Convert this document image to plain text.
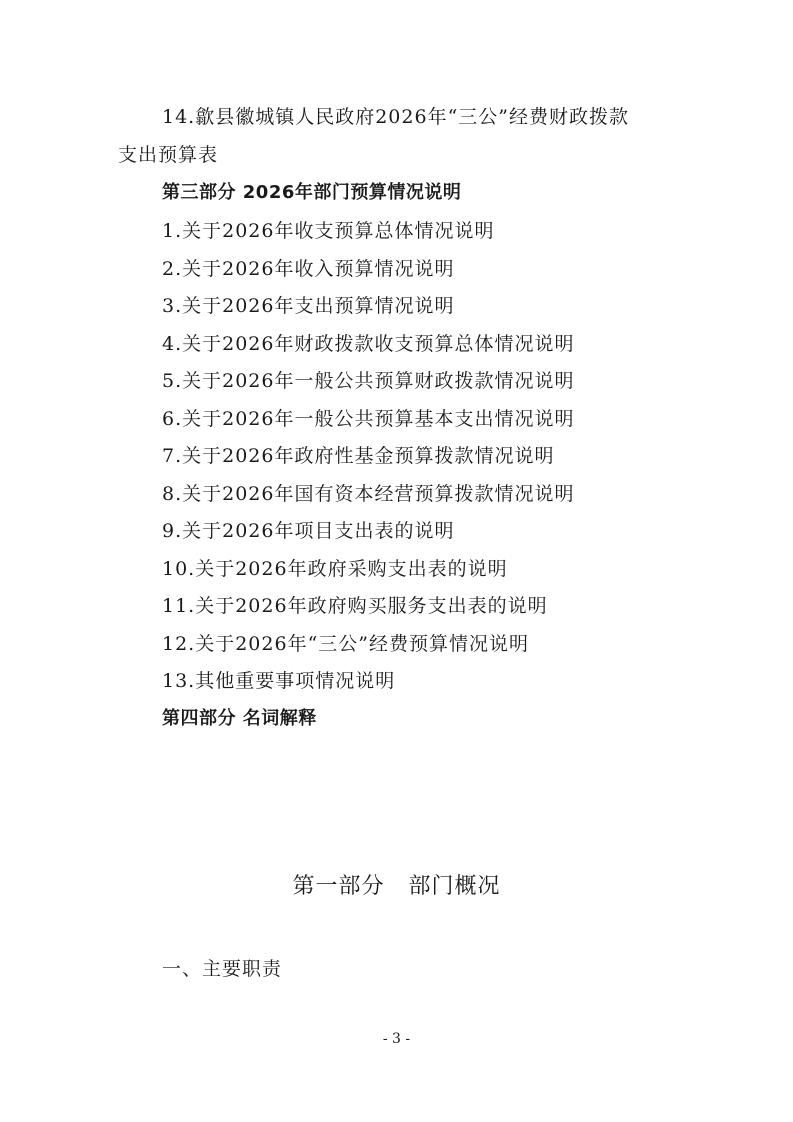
14.歙县徽城镇人民政府2026年“三公”经费财政拨款
支出预算表
第三部分 2026年部门预算情况说明
1.关于2026年收支预算总体情况说明
2.关于2026年收入预算情况说明
3.关于2026年支出预算情况说明
4.关于2026年财政拨款收支预算总体情况说明
5.关于2026年一般公共预算财政拨款情况说明
6.关于2026年一般公共预算基本支出情况说明
7.关于2026年政府性基金预算拨款情况说明
8.关于2026年国有资本经营预算拨款情况说明
9.关于2026年项目支出表的说明
10.关于2026年政府采购支出表的说明
11.关于2026年政府购买服务支出表的说明
12.关于2026年“三公”经费预算情况说明
13.其他重要事项情况说明
第四部分 名词解释
第一部分   部门概况
一、主要职责
- 3 -
